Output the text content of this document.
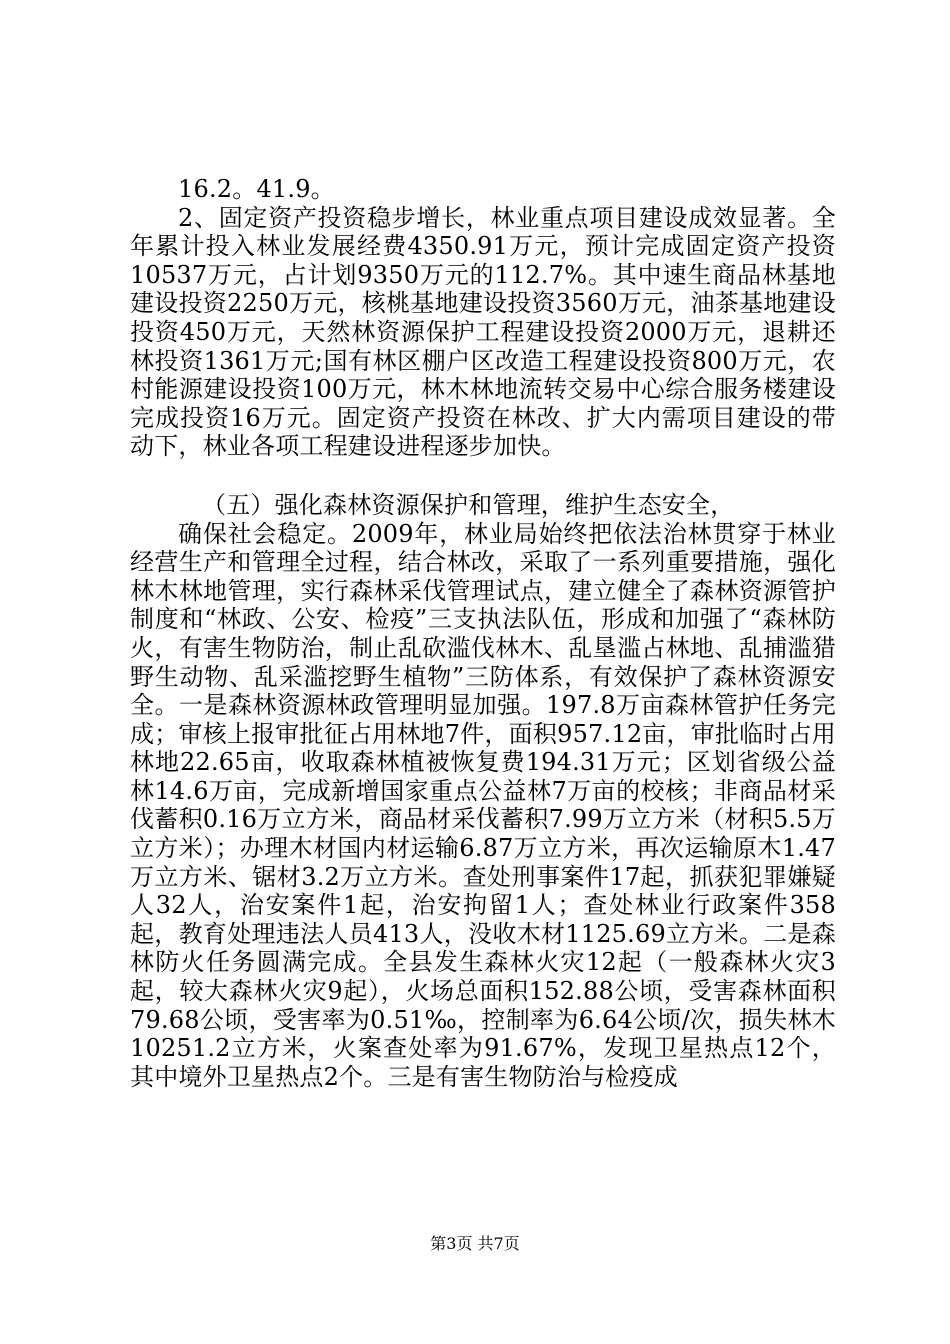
16.2。41.9。

2、固定资产投资稳步增长，林业重点项目建设成效显著。全年累计投入林业发展经费4350.91万元，预计完成固定资产投资10537万元，占计划9350万元的112.7%。其中速生商品林基地建设投资2250万元，核桃基地建设投资3560万元，油茶基地建设投资450万元，天然林资源保护工程建设投资2000万元，退耕还林投资1361万元;国有林区棚户区改造工程建设投资800万元，农村能源建设投资100万元，林木林地流转交易中心综合服务楼建设完成投资16万元。固定资产投资在林改、扩大内需项目建设的带动下，林业各项工程建设进程逐步加快。

（五）强化森林资源保护和管理，维护生态安全，

确保社会稳定。2009年，林业局始终把依法治林贯穿于林业经营生产和管理全过程，结合林改，采取了一系列重要措施，强化林木林地管理，实行森林采伐管理试点，建立健全了森林资源管护制度和“林政、公安、检疫”三支执法队伍，形成和加强了“森林防火，有害生物防治，制止乱砍滥伐林木、乱垦滥占林地、乱捕滥猎野生动物、乱采滥挖野生植物”三防体系，有效保护了森林资源安全。一是森林资源林政管理明显加强。197.8万亩森林管护任务完成；审核上报审批征占用林地7件，面积957.12亩，审批临时占用林地22.65亩，收取森林植被恢复费194.31万元；区划省级公益林14.6万亩，完成新增国家重点公益林7万亩的校核；非商品材采伐蓄积0.16万立方米，商品材采伐蓄积7.99万立方米（材积5.5万立方米）；办理木材国内材运输6.87万立方米，再次运输原木1.47万立方米、锯材3.2万立方米。查处刑事案件17起，抓获犯罪嫌疑人32人，治安案件1起，治安拘留1人；查处林业行政案件358起，教育处理违法人员413人，没收木材1125.69立方米。二是森林防火任务圆满完成。全县发生森林火灾12起（一般森林火灾3起，较大森林火灾9起），火场总面积152.88公顷，受害森林面积79.68公顷，受害率为0.51‰，控制率为6.64公顷/次，损失林木10251.2立方米，火案查处率为91.67%，发现卫星热点12个，其中境外卫星热点2个。三是有害生物防治与检疫成

第3页 共7页
